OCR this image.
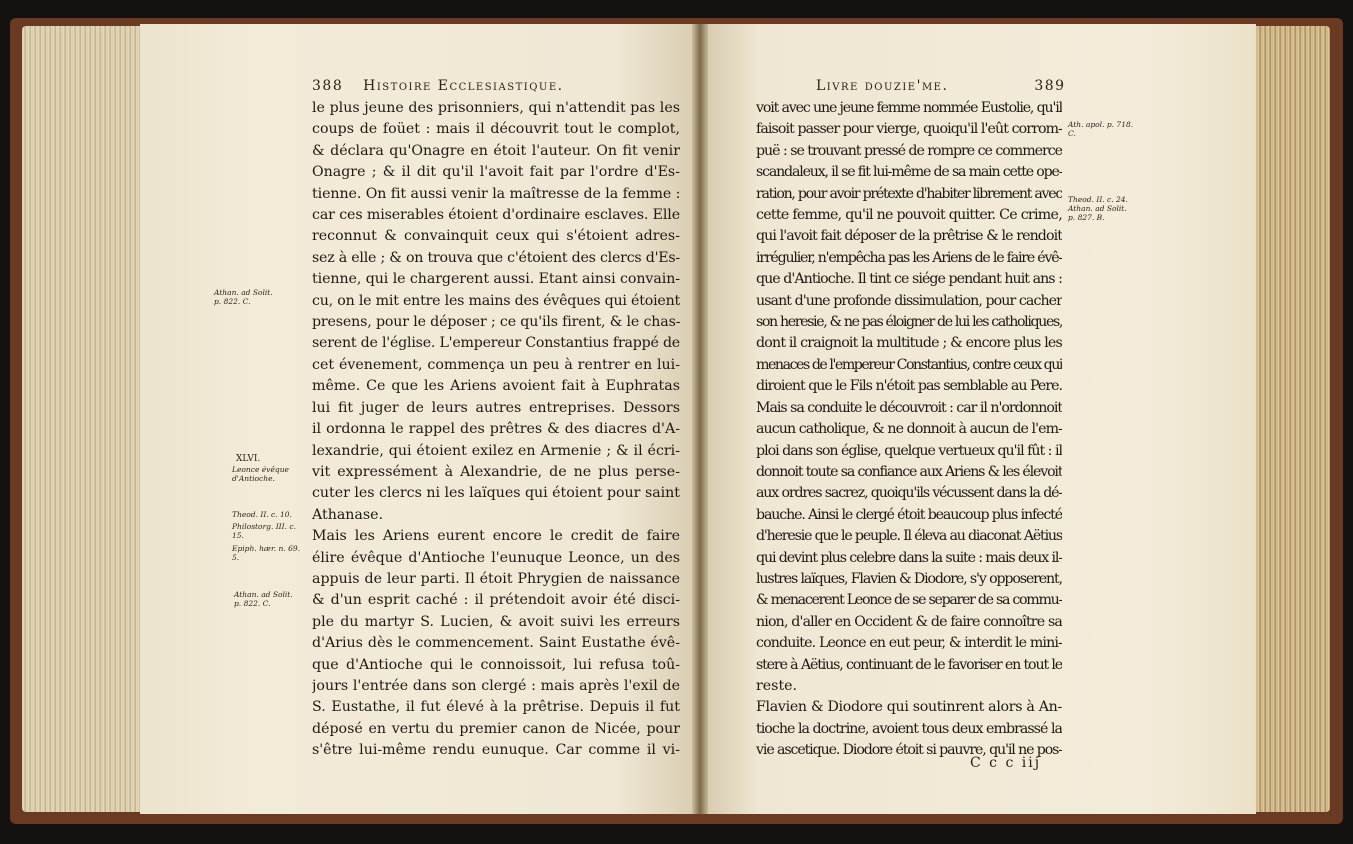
388 Histoire Ecclesiastique.
le plus jeune des prisonniers, qui n'attendit pas les
coups de foüet : mais il découvrit tout le complot,
& déclara qu'Onagre en étoit l'auteur. On fit venir
Onagre ; & il dit qu'il l'avoit fait par l'ordre d'Es-
tienne. On fit aussi venir la maîtresse de la femme :
car ces miserables étoient d'ordinaire esclaves. Elle
reconnut & convainquit ceux qui s'étoient adres-
sez à elle ; & on trouva que c'étoient des clercs d'Es-
tienne, qui le chargerent aussi. Etant ainsi convain-
cu, on le mit entre les mains des évêques qui étoient
presens, pour le déposer ; ce qu'ils firent, & le chas-
serent de l'église. L'empereur Constantius frappé de
cet évenement, commença un peu à rentrer en lui-
même. Ce que les Ariens avoient fait à Euphratas
lui fit juger de leurs autres entreprises. Dessors
il ordonna le rappel des prêtres & des diacres d'A-
lexandrie, qui étoient exilez en Armenie ; & il écri-
vit expressément à Alexandrie, de ne plus perse-
cuter les clercs ni les laïques qui étoient pour saint
Athanase.
Mais les Ariens eurent encore le credit de faire
élire évêque d'Antioche l'eunuque Leonce, un des
appuis de leur parti. Il étoit Phrygien de naissance
& d'un esprit caché : il prétendoit avoir été disci-
ple du martyr S. Lucien, & avoit suivi les erreurs
d'Arius dès le commencement. Saint Eustathe évê-
que d'Antioche qui le connoissoit, lui refusa toû-
jours l'entrée dans son clergé : mais après l'exil de
S. Eustathe, il fut élevé à la prêtrise. Depuis il fut
déposé en vertu du premier canon de Nicée, pour
s'être lui-même rendu eunuque. Car comme il vi-
Athan. ad Solit.
p. 822. C.
XLVI.
Leonce évêque
d'Antioche.
Theod. II. c. 10.
Philostorg. III. c.
15.
Epiph. hær. n. 69.
5.
Athan. ad Solit.
p. 822. C.
Livre douzie'me.	389
voit avec une jeune femme nommée Eustolie, qu'il
faisoit passer pour vierge, quoiqu'il l'eût corrom-
puë : se trouvant pressé de rompre ce commerce
scandaleux, il se fit lui-même de sa main cette ope-
ration, pour avoir prétexte d'habiter librement avec
cette femme, qu'il ne pouvoit quitter. Ce crime,
qui l'avoit fait déposer de la prêtrise & le rendoit
irrégulier, n'empêcha pas les Ariens de le faire évê-
que d'Antioche. Il tint ce siége pendant huit ans :
usant d'une profonde dissimulation, pour cacher
son heresie, & ne pas éloigner de lui les catholiques,
dont il craignoit la multitude ; & encore plus les
menaces de l'empereur Constantius, contre ceux qui
diroient que le Fils n'étoit pas semblable au Pere.
Mais sa conduite le découvroit : car il n'ordonnoit
aucun catholique, & ne donnoit à aucun de l'em-
ploi dans son église, quelque vertueux qu'il fût : il
donnoit toute sa confiance aux Ariens & les élevoit
aux ordres sacrez, quoiqu'ils vécussent dans la dé-
bauche. Ainsi le clergé étoit beaucoup plus infecté
d'heresie que le peuple. Il éleva au diaconat Aëtius
qui devint plus celebre dans la suite : mais deux il-
lustres laïques, Flavien & Diodore, s'y opposerent,
& menacerent Leonce de se separer de sa commu-
nion, d'aller en Occident & de faire connoître sa
conduite. Leonce en eut peur, & interdit le mini-
stere à Aëtius, continuant de le favoriser en tout le
reste.
Flavien & Diodore qui soutinrent alors à An-
tioche la doctrine, avoient tous deux embrassé la
vie ascetique. Diodore étoit si pauvre, qu'il ne pos-
Ath. apol. p. 718.
C.
Theod. II. c. 24.
Athan. ad Solit.
p. 827. B.
C c c iij
